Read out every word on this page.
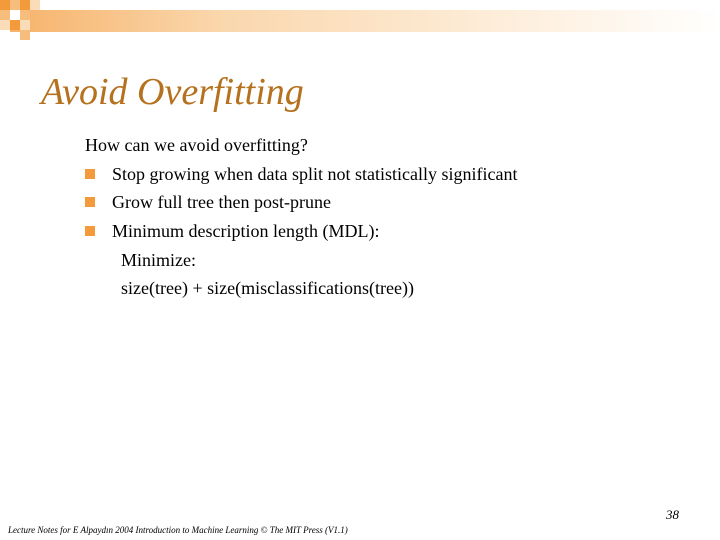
Avoid Overfitting
How can we avoid overfitting?
Stop growing when data split not statistically significant
Grow full tree then post-prune
Minimum description length (MDL):
Minimize:
size(tree) + size(misclassifications(tree))
38
Lecture Notes for E Alpaydın 2004 Introduction to Machine Learning © The MIT Press (V1.1)
